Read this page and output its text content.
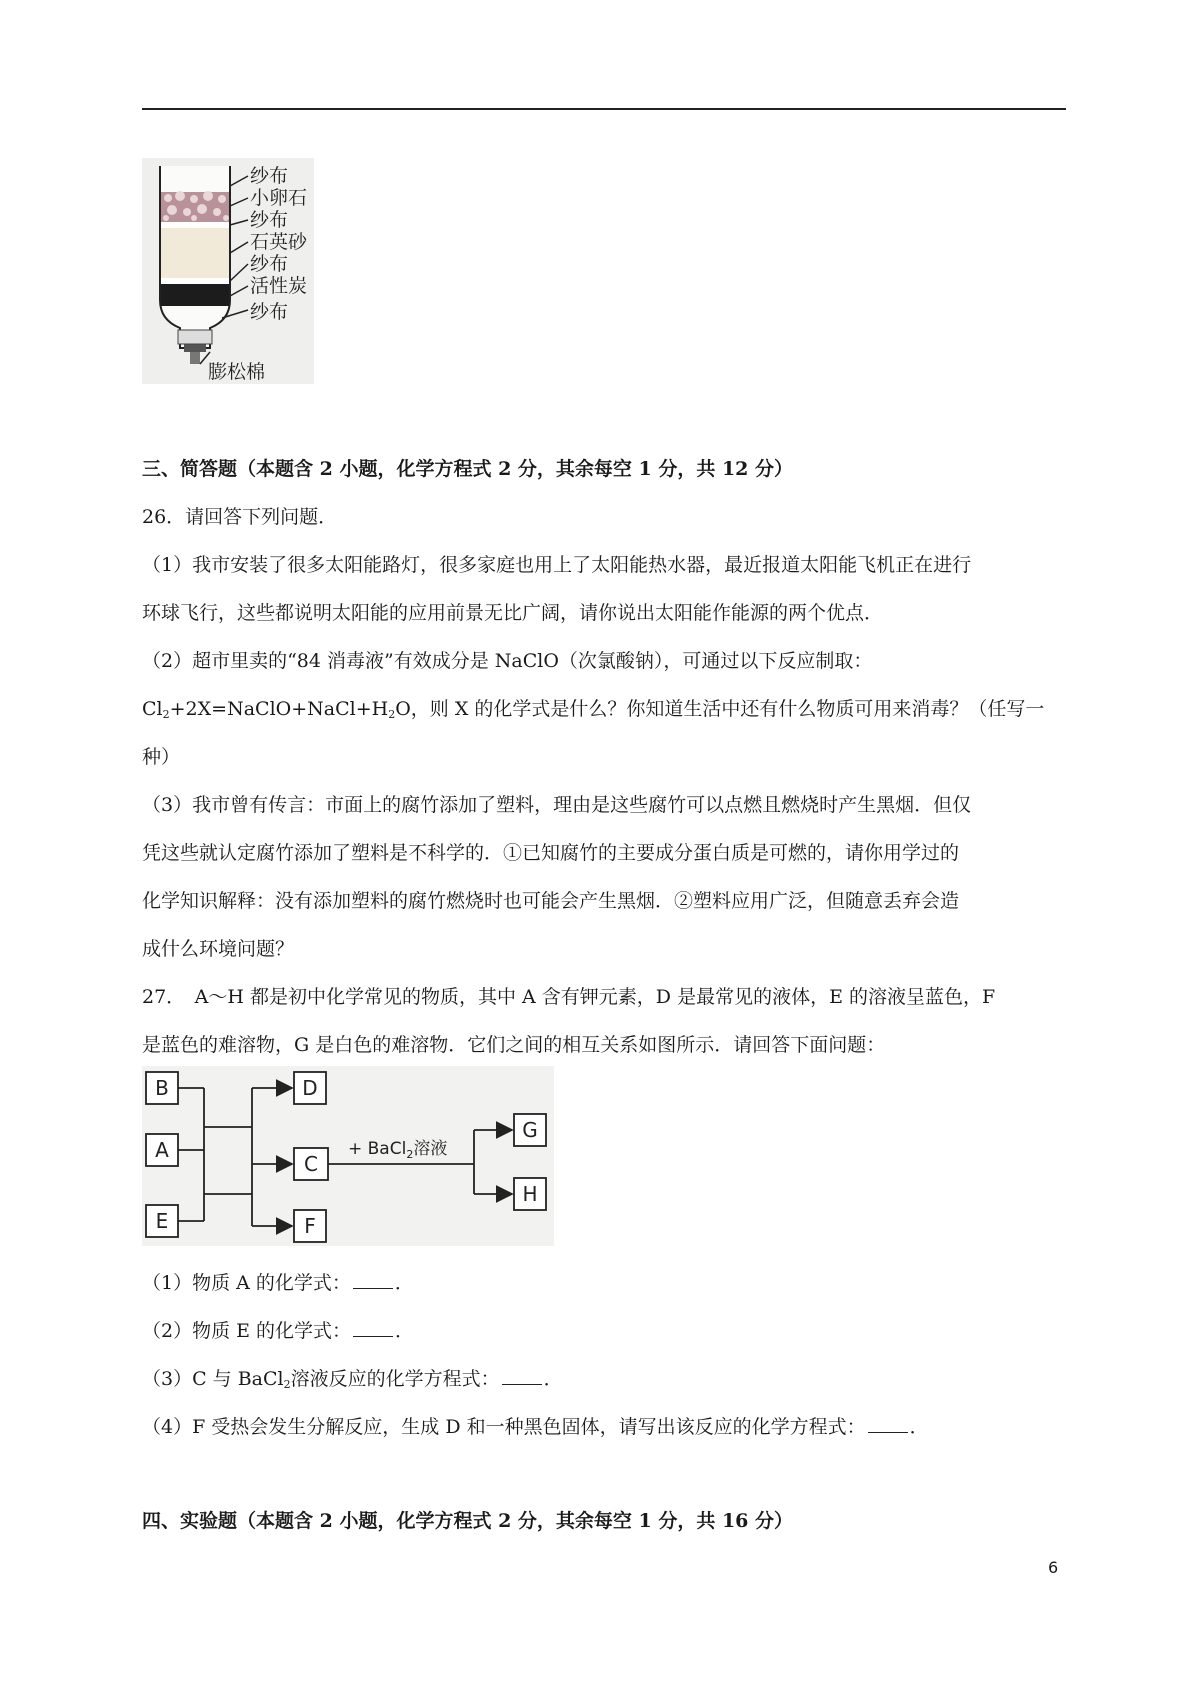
纱布
小卵石
纱布
石英砂
纱布
活性炭
纱布
膨松棉
三、简答题（本题含 2 小题，化学方程式 2 分，其余每空 1 分，共 12 分）
26．请回答下列问题．
（1）我市安装了很多太阳能路灯，很多家庭也用上了太阳能热水器，最近报道太阳能飞机正在进行
环球飞行，这些都说明太阳能的应用前景无比广阔，请你说出太阳能作能源的两个优点．
（2）超市里卖的“84 消毒液”有效成分是 NaClO（次氯酸钠），可通过以下反应制取：
$Cl_2+2X=NaClO+NaCl+H_2O$，则 X 的化学式是什么？你知道生活中还有什么物质可用来消毒？（任写一
种）
（3）我市曾有传言：市面上的腐竹添加了塑料，理由是这些腐竹可以点燃且燃烧时产生黑烟．但仅
凭这些就认定腐竹添加了塑料是不科学的．①已知腐竹的主要成分蛋白质是可燃的，请你用学过的
化学知识解释：没有添加塑料的腐竹燃烧时也可能会产生黑烟．②塑料应用广泛，但随意丢弃会造
成什么环境问题？
27．　A～H 都是初中化学常见的物质，其中 A 含有钾元素，D 是最常见的液体，E 的溶液呈蓝色，F
是蓝色的难溶物，G 是白色的难溶物．它们之间的相互关系如图所示．请回答下面问题：
B
A
E
D
C
F
G
H
+ BaCl$_2$溶液
（1）物质 A 的化学式： ．
（2）物质 E 的化学式： ．
（3）C 与 BaCl$_2$溶液反应的化学方程式： ．
（4）F 受热会发生分解反应，生成 D 和一种黑色固体，请写出该反应的化学方程式： ．
四、实验题（本题含 2 小题，化学方程式 2 分，其余每空 1 分，共 16 分）
6
